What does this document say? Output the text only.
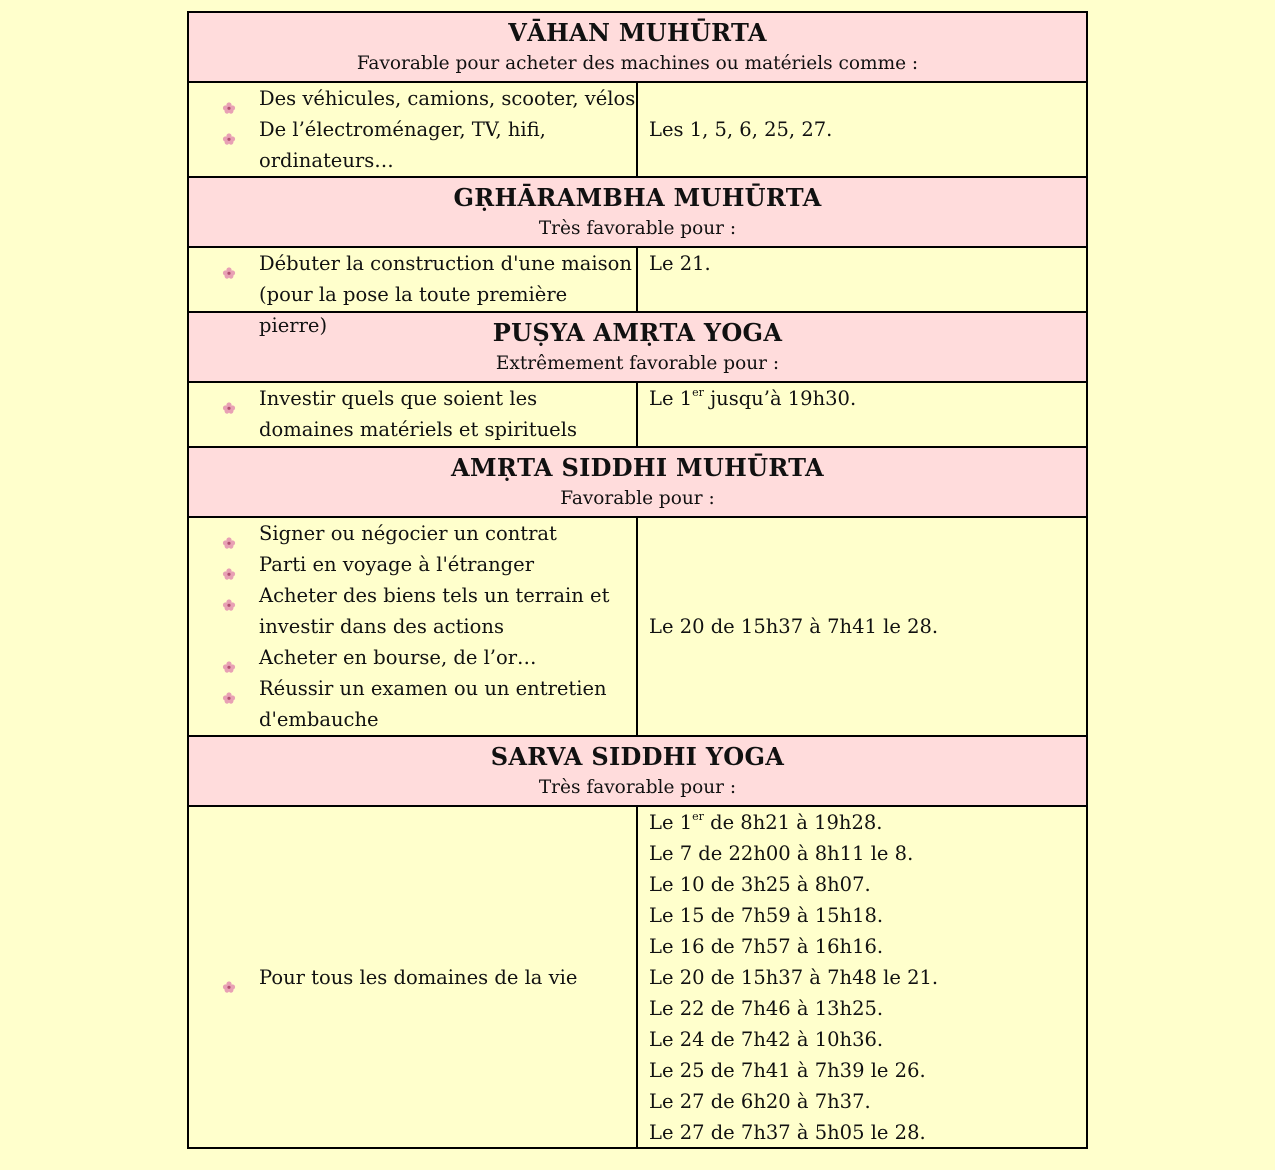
VĀHAN MUHŪRTA
Favorable pour acheter des machines ou matériels comme :
Des véhicules, camions, scooter, vélos
De l’électroménager, TV, hifi, ordinateurs…
Les 1, 5, 6, 25, 27.
GṚHĀRAMBHA MUHŪRTA
Très favorable pour :
Débuter la construction d'une maison (pour la pose la toute première pierre)
Le 21.
PUṢYA AMṚTA YOGA
Extrêmement favorable pour :
Investir quels que soient les domaines matériels et spirituels
Le 1er jusqu’à 19h30.
AMṚTA SIDDHI MUHŪRTA
Favorable pour :
Signer ou négocier un contrat
Parti en voyage à l'étranger
Acheter des biens tels un terrain et investir dans des actions
Acheter en bourse, de l’or…
Réussir un examen ou un entretien d'embauche
Le 20 de 15h37 à 7h41 le 28.
SARVA SIDDHI YOGA
Très favorable pour :
Pour tous les domaines de la vie
Le 1er de 8h21 à 19h28.
Le 7 de 22h00 à 8h11 le 8.
Le 10 de 3h25 à 8h07.
Le 15 de 7h59 à 15h18.
Le 16 de 7h57 à 16h16.
Le 20 de 15h37 à 7h48 le 21.
Le 22 de 7h46 à 13h25.
Le 24 de 7h42 à 10h36.
Le 25 de 7h41 à 7h39 le 26.
Le 27 de 6h20 à 7h37.
Le 27 de 7h37 à 5h05 le 28.
